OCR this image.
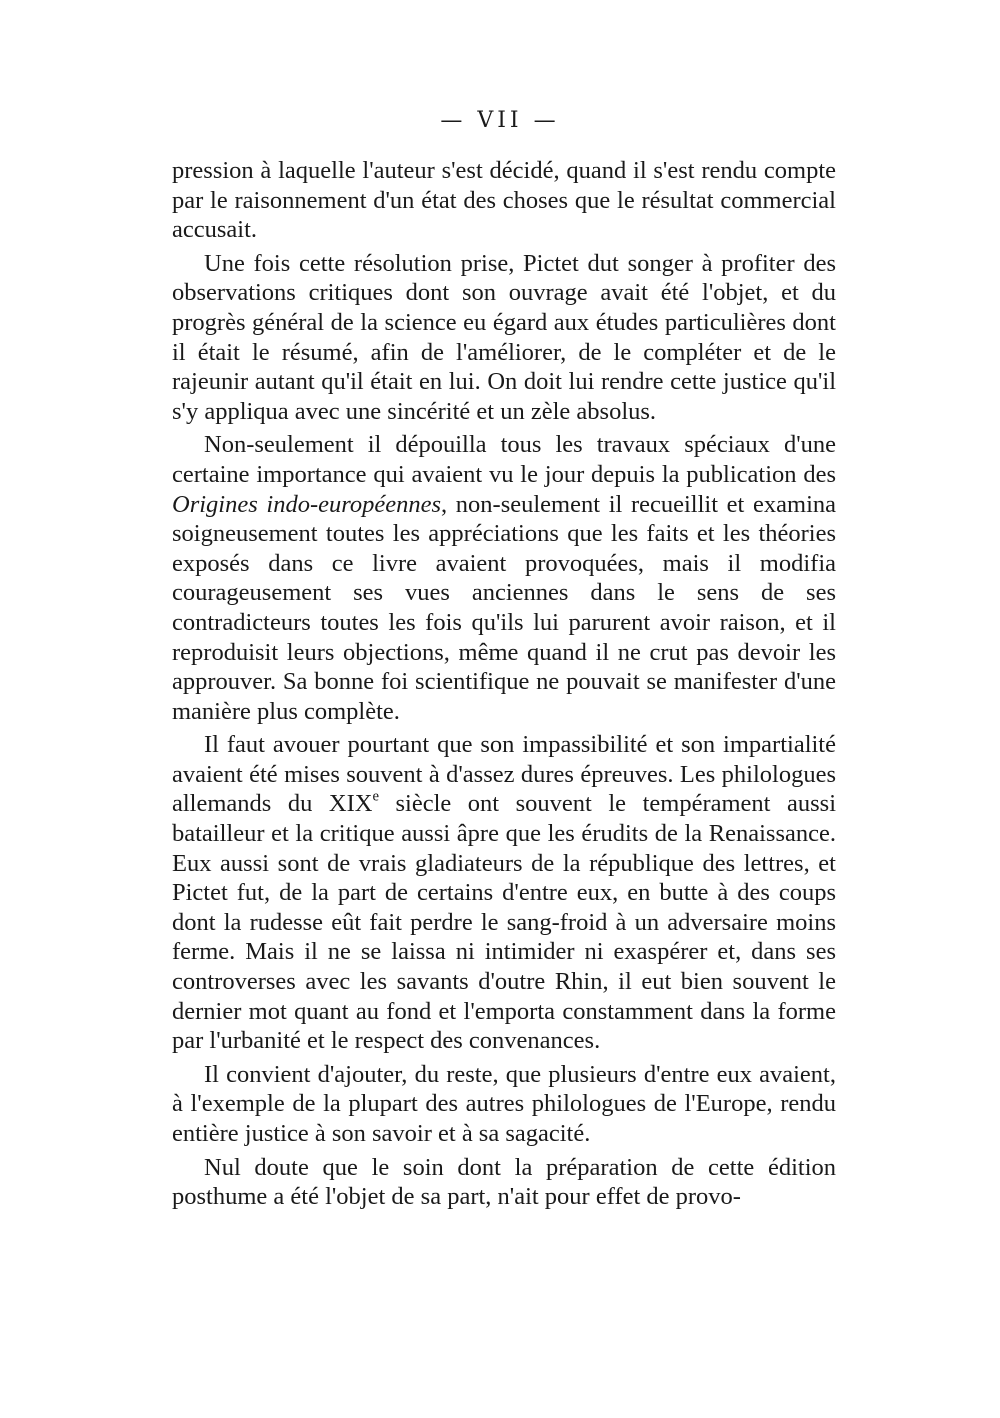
— VII —

pression à laquelle l'auteur s'est décidé, quand il s'est rendu compte par le raisonnement d'un état des choses que le résultat commercial accusait.

Une fois cette résolution prise, Pictet dut songer à profiter des observations critiques dont son ouvrage avait été l'objet, et du progrès général de la science eu égard aux études particulières dont il était le résumé, afin de l'améliorer, de le compléter et de le rajeunir autant qu'il était en lui. On doit lui rendre cette justice qu'il s'y appliqua avec une sincérité et un zèle absolus.

Non-seulement il dépouilla tous les travaux spéciaux d'une certaine importance qui avaient vu le jour depuis la publication des Origines indo-européennes, non-seulement il recueillit et examina soigneusement toutes les appréciations que les faits et les théories exposés dans ce livre avaient provoquées, mais il modifia courageusement ses vues anciennes dans le sens de ses contradicteurs toutes les fois qu'ils lui parurent avoir raison, et il reproduisit leurs objections, même quand il ne crut pas devoir les approuver. Sa bonne foi scientifique ne pouvait se manifester d'une manière plus complète.

Il faut avouer pourtant que son impassibilité et son impartialité avaient été mises souvent à d'assez dures épreuves. Les philologues allemands du XIXe siècle ont souvent le tempérament aussi batailleur et la critique aussi âpre que les érudits de la Renaissance. Eux aussi sont de vrais gladiateurs de la république des lettres, et Pictet fut, de la part de certains d'entre eux, en butte à des coups dont la rudesse eût fait perdre le sang-froid à un adversaire moins ferme. Mais il ne se laissa ni intimider ni exaspérer et, dans ses controverses avec les savants d'outre Rhin, il eut bien souvent le dernier mot quant au fond et l'emporta constamment dans la forme par l'urbanité et le respect des convenances.

Il convient d'ajouter, du reste, que plusieurs d'entre eux avaient, à l'exemple de la plupart des autres philologues de l'Europe, rendu entière justice à son savoir et à sa sagacité.

Nul doute que le soin dont la préparation de cette édition posthume a été l'objet de sa part, n'ait pour effet de provo-
